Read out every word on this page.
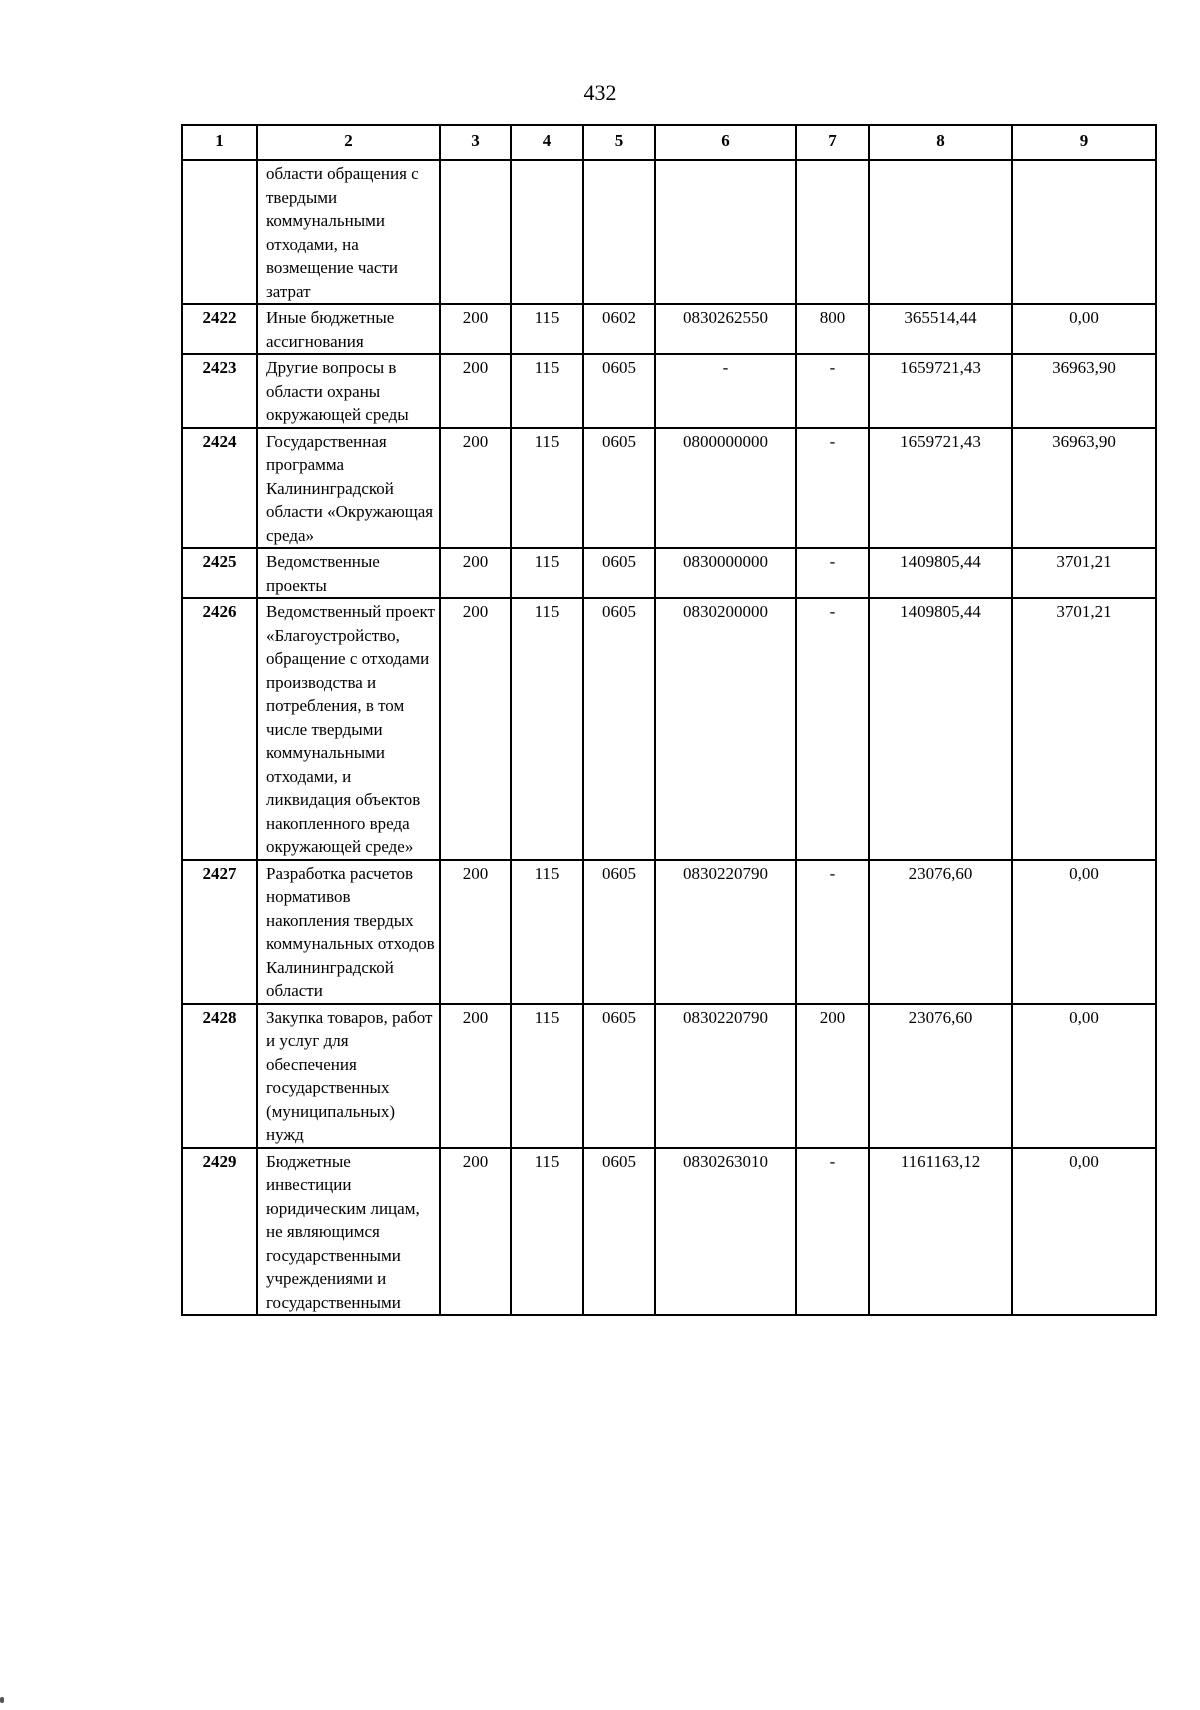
432
1	2	3	4	5	6	7	8	9
	области обращения с твердыми коммунальными отходами, на возмещение части затрат							
2422	Иные бюджетные ассигнования	200	115	0602	0830262550	800	365514,44	0,00
2423	Другие вопросы в области охраны окружающей среды	200	115	0605	-	-	1659721,43	36963,90
2424	Государственная программа Калининградской области «Окружающая среда»	200	115	0605	0800000000	-	1659721,43	36963,90
2425	Ведомственные проекты	200	115	0605	0830000000	-	1409805,44	3701,21
2426	Ведомственный проект «Благоустройство, обращение с отходами производства и потребления, в том числе твердыми коммунальными отходами, и ликвидация объектов накопленного вреда окружающей среде»	200	115	0605	0830200000	-	1409805,44	3701,21
2427	Разработка расчетов нормативов накопления твердых коммунальных отходов Калининградской области	200	115	0605	0830220790	-	23076,60	0,00
2428	Закупка товаров, работ и услуг для обеспечения государственных (муниципальных) нужд	200	115	0605	0830220790	200	23076,60	0,00
2429	Бюджетные инвестиции юридическим лицам, не являющимся государственными учреждениями и государственными	200	115	0605	0830263010	-	1161163,12	0,00
